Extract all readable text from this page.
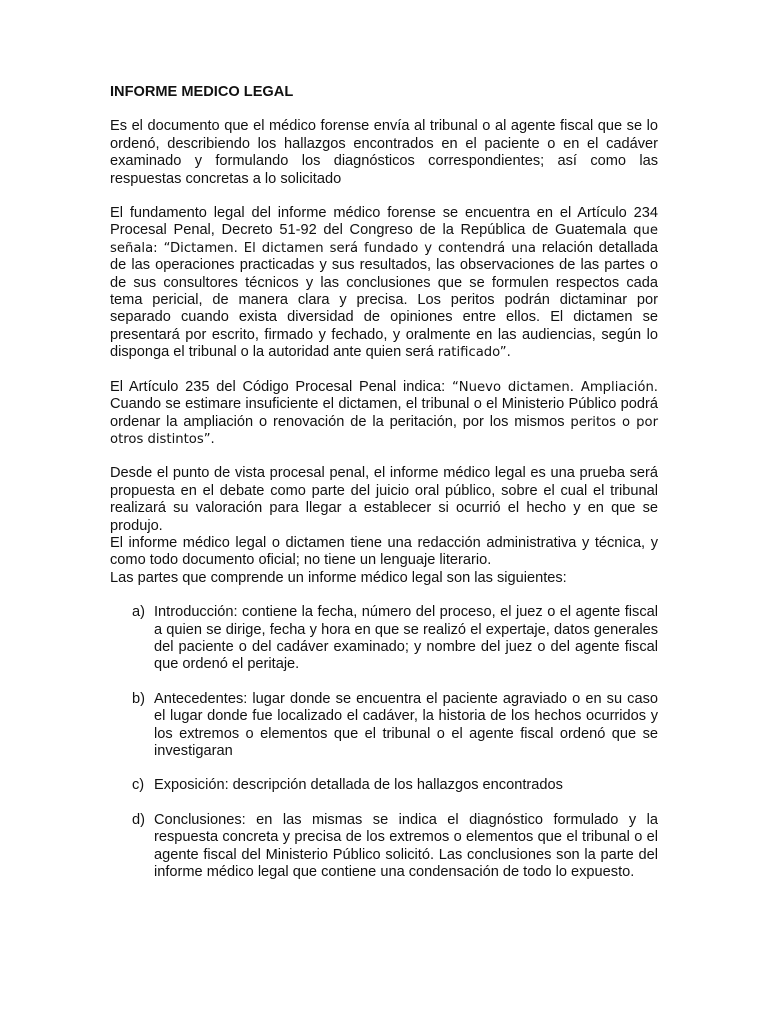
INFORME MEDICO LEGAL
Es el documento que el médico forense envía al tribunal o al agente fiscal que se lo ordenó, describiendo los hallazgos encontrados en el paciente o en el cadáver examinado y formulando los diagnósticos correspondientes; así como las respuestas concretas a lo solicitado
El fundamento legal del informe médico forense se encuentra en el Artículo 234 Procesal Penal, Decreto 51-92 del Congreso de la República de Guatemala que señala: “Dictamen. El dictamen será fundado y contendrá una relación detallada de las operaciones practicadas y sus resultados, las observaciones de las partes o de sus consultores técnicos y las conclusiones que se formulen respectos cada tema pericial, de manera clara y precisa. Los peritos podrán dictaminar por separado cuando exista diversidad de opiniones entre ellos. El dictamen se presentará por escrito, firmado y fechado, y oralmente en las audiencias, según lo disponga el tribunal o la autoridad ante quien será ratificado”.
El Artículo 235 del Código Procesal Penal indica: “Nuevo dictamen. Ampliación. Cuando se estimare insuficiente el dictamen, el tribunal o el Ministerio Público podrá ordenar la ampliación o renovación de la peritación, por los mismos peritos o por otros distintos”.
Desde el punto de vista procesal penal, el informe médico legal es una prueba será propuesta en el debate como parte del juicio oral público, sobre el cual el tribunal realizará su valoración para llegar a establecer si ocurrió el hecho y en que se produjo.
El informe médico legal o dictamen tiene una redacción administrativa y técnica, y como todo documento oficial; no tiene un lenguaje literario.
Las partes que comprende un informe médico legal son las siguientes:
a) Introducción: contiene la fecha, número del proceso, el juez o el agente fiscal a quien se dirige, fecha y hora en que se realizó el expertaje, datos generales del paciente o del cadáver examinado; y nombre del juez o del agente fiscal que ordenó el peritaje.
b) Antecedentes: lugar donde se encuentra el paciente agraviado o en su caso el lugar donde fue localizado el cadáver, la historia de los hechos ocurridos y los extremos o elementos que el tribunal o el agente fiscal ordenó que se investigaran
c) Exposición: descripción detallada de los hallazgos encontrados
d) Conclusiones: en las mismas se indica el diagnóstico formulado y la respuesta concreta y precisa de los extremos o elementos que el tribunal o el agente fiscal del Ministerio Público solicitó. Las conclusiones son la parte del informe médico legal que contiene una condensación de todo lo expuesto.
